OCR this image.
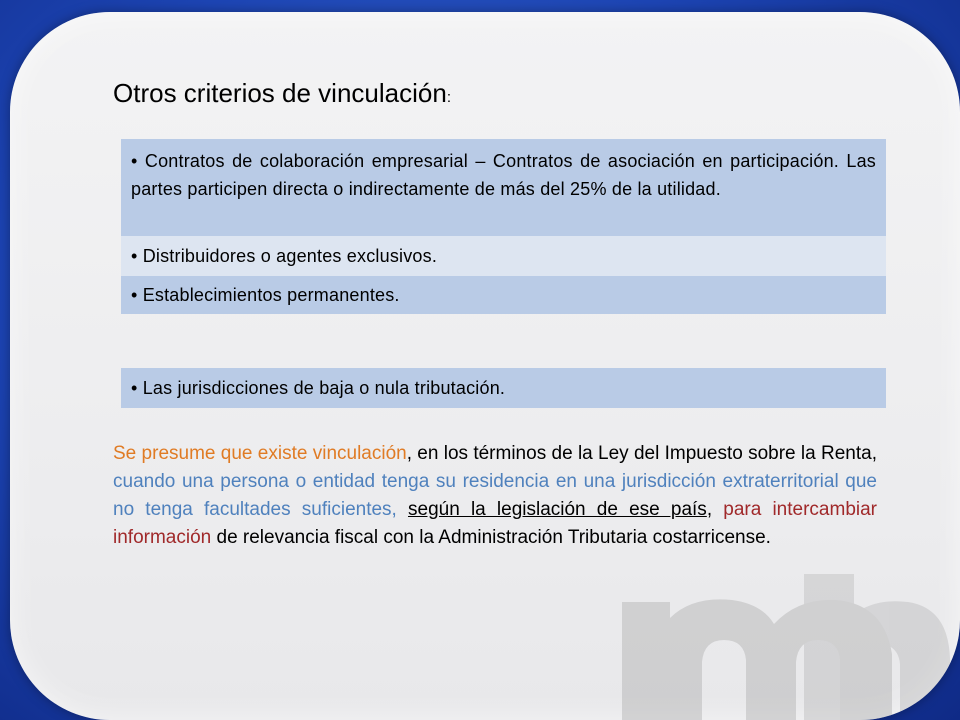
Otros criterios de vinculación:
• Contratos de colaboración empresarial – Contratos de asociación en participación. Las partes participen directa o indirectamente de más del 25% de la utilidad.
• Distribuidores o agentes exclusivos.
• Establecimientos permanentes.
• Las jurisdicciones de baja o nula tributación.
Se presume que existe vinculación, en los términos de la Ley del Impuesto sobre la Renta, cuando una persona o entidad tenga su residencia en una jurisdicción extraterritorial que no tenga facultades suficientes, según la legislación de ese país, para intercambiar información de relevancia fiscal con la Administración Tributaria costarricense.
